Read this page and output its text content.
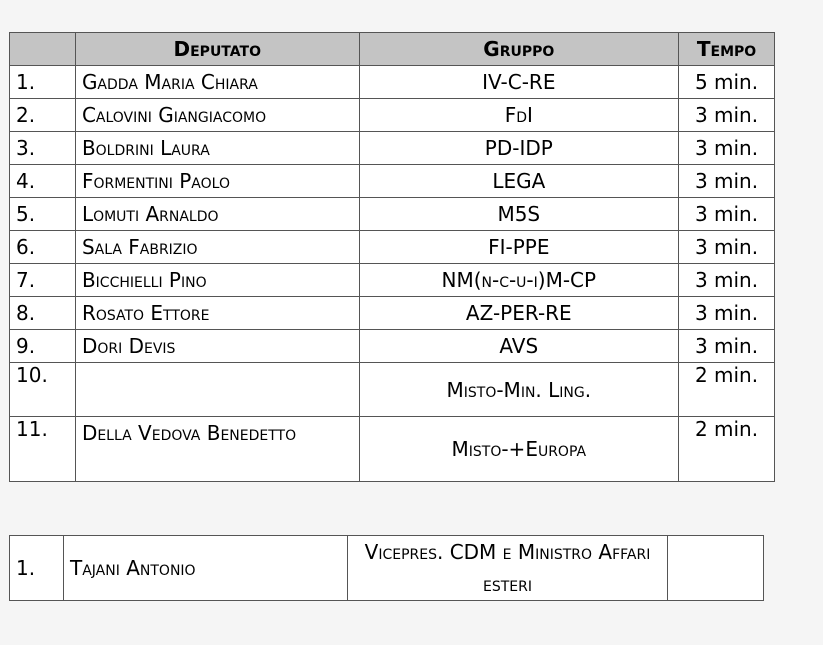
	Deputato	Gruppo	Tempo
1.	Gadda Maria Chiara	IV-C-RE	5 min.
2.	Calovini Giangiacomo	FdI	3 min.
3.	Boldrini Laura	PD-IDP	3 min.
4.	Formentini Paolo	LEGA	3 min.
5.	Lomuti Arnaldo	M5S	3 min.
6.	Sala Fabrizio	FI-PPE	3 min.
7.	Bicchielli Pino	NM(n-c-u-i)M-CP	3 min.
8.	Rosato Ettore	AZ-PER-RE	3 min.
9.	Dori Devis	AVS	3 min.
10.		Misto-Min. Ling.	2 min.
11.	Della Vedova Benedetto	Misto-+Europa	2 min.
1.	Tajani Antonio	Vicepres. CDM e Ministro Affari esteri	
